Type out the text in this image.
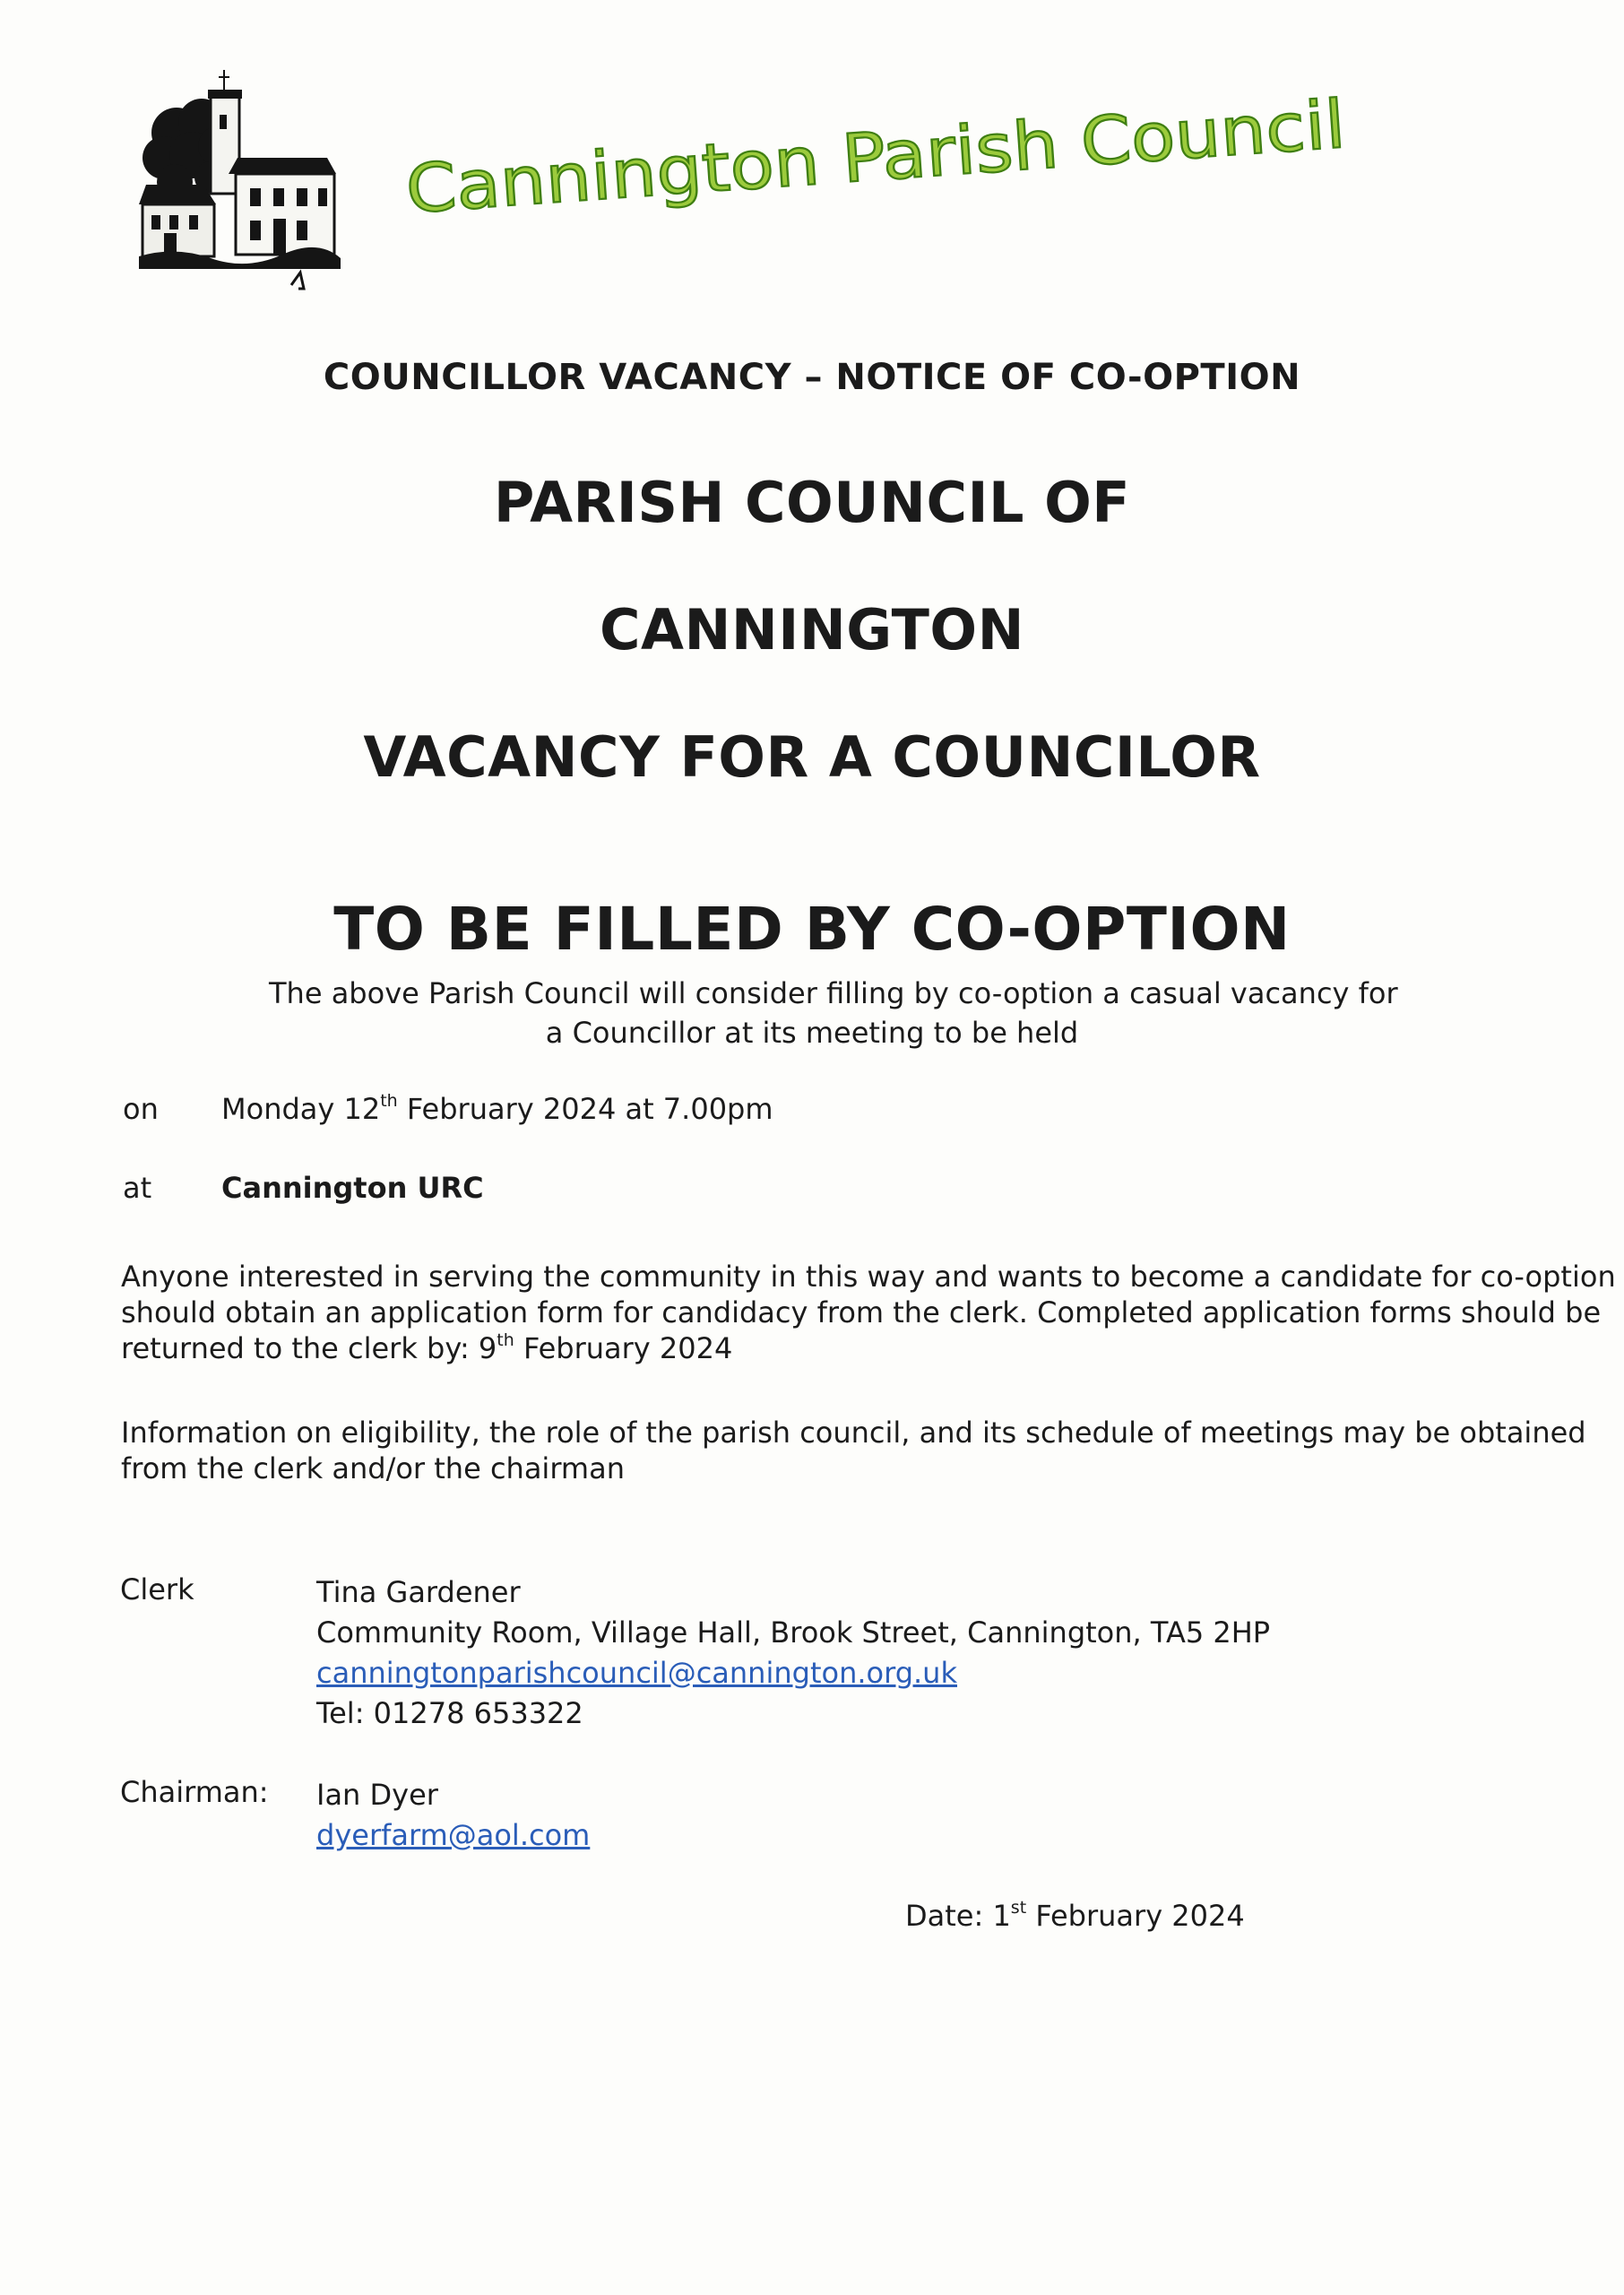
Cannington Parish Council
COUNCILLOR VACANCY – NOTICE OF CO-OPTION
PARISH COUNCIL OF
CANNINGTON
VACANCY FOR A COUNCILOR
TO BE FILLED BY CO-OPTION
The above Parish Council will consider filling by co-option a casual vacancy for
a Councillor at its meeting to be held
on Monday 12th February 2024 at 7.00pm
at Cannington URC
Anyone interested in serving the community in this way and wants to become a candidate for co-option
should obtain an application form for candidacy from the clerk. Completed application forms should be
returned to the clerk by: 9th February 2024
Information on eligibility, the role of the parish council, and its schedule of meetings may be obtained
from the clerk and/or the chairman
Clerk	Tina Gardener
Community Room, Village Hall, Brook Street, Cannington, TA5 2HP
canningtonparishcouncil@cannington.org.uk
Tel: 01278 653322
Chairman: Ian Dyer
dyerfarm@aol.com
Date: 1st February 2024
